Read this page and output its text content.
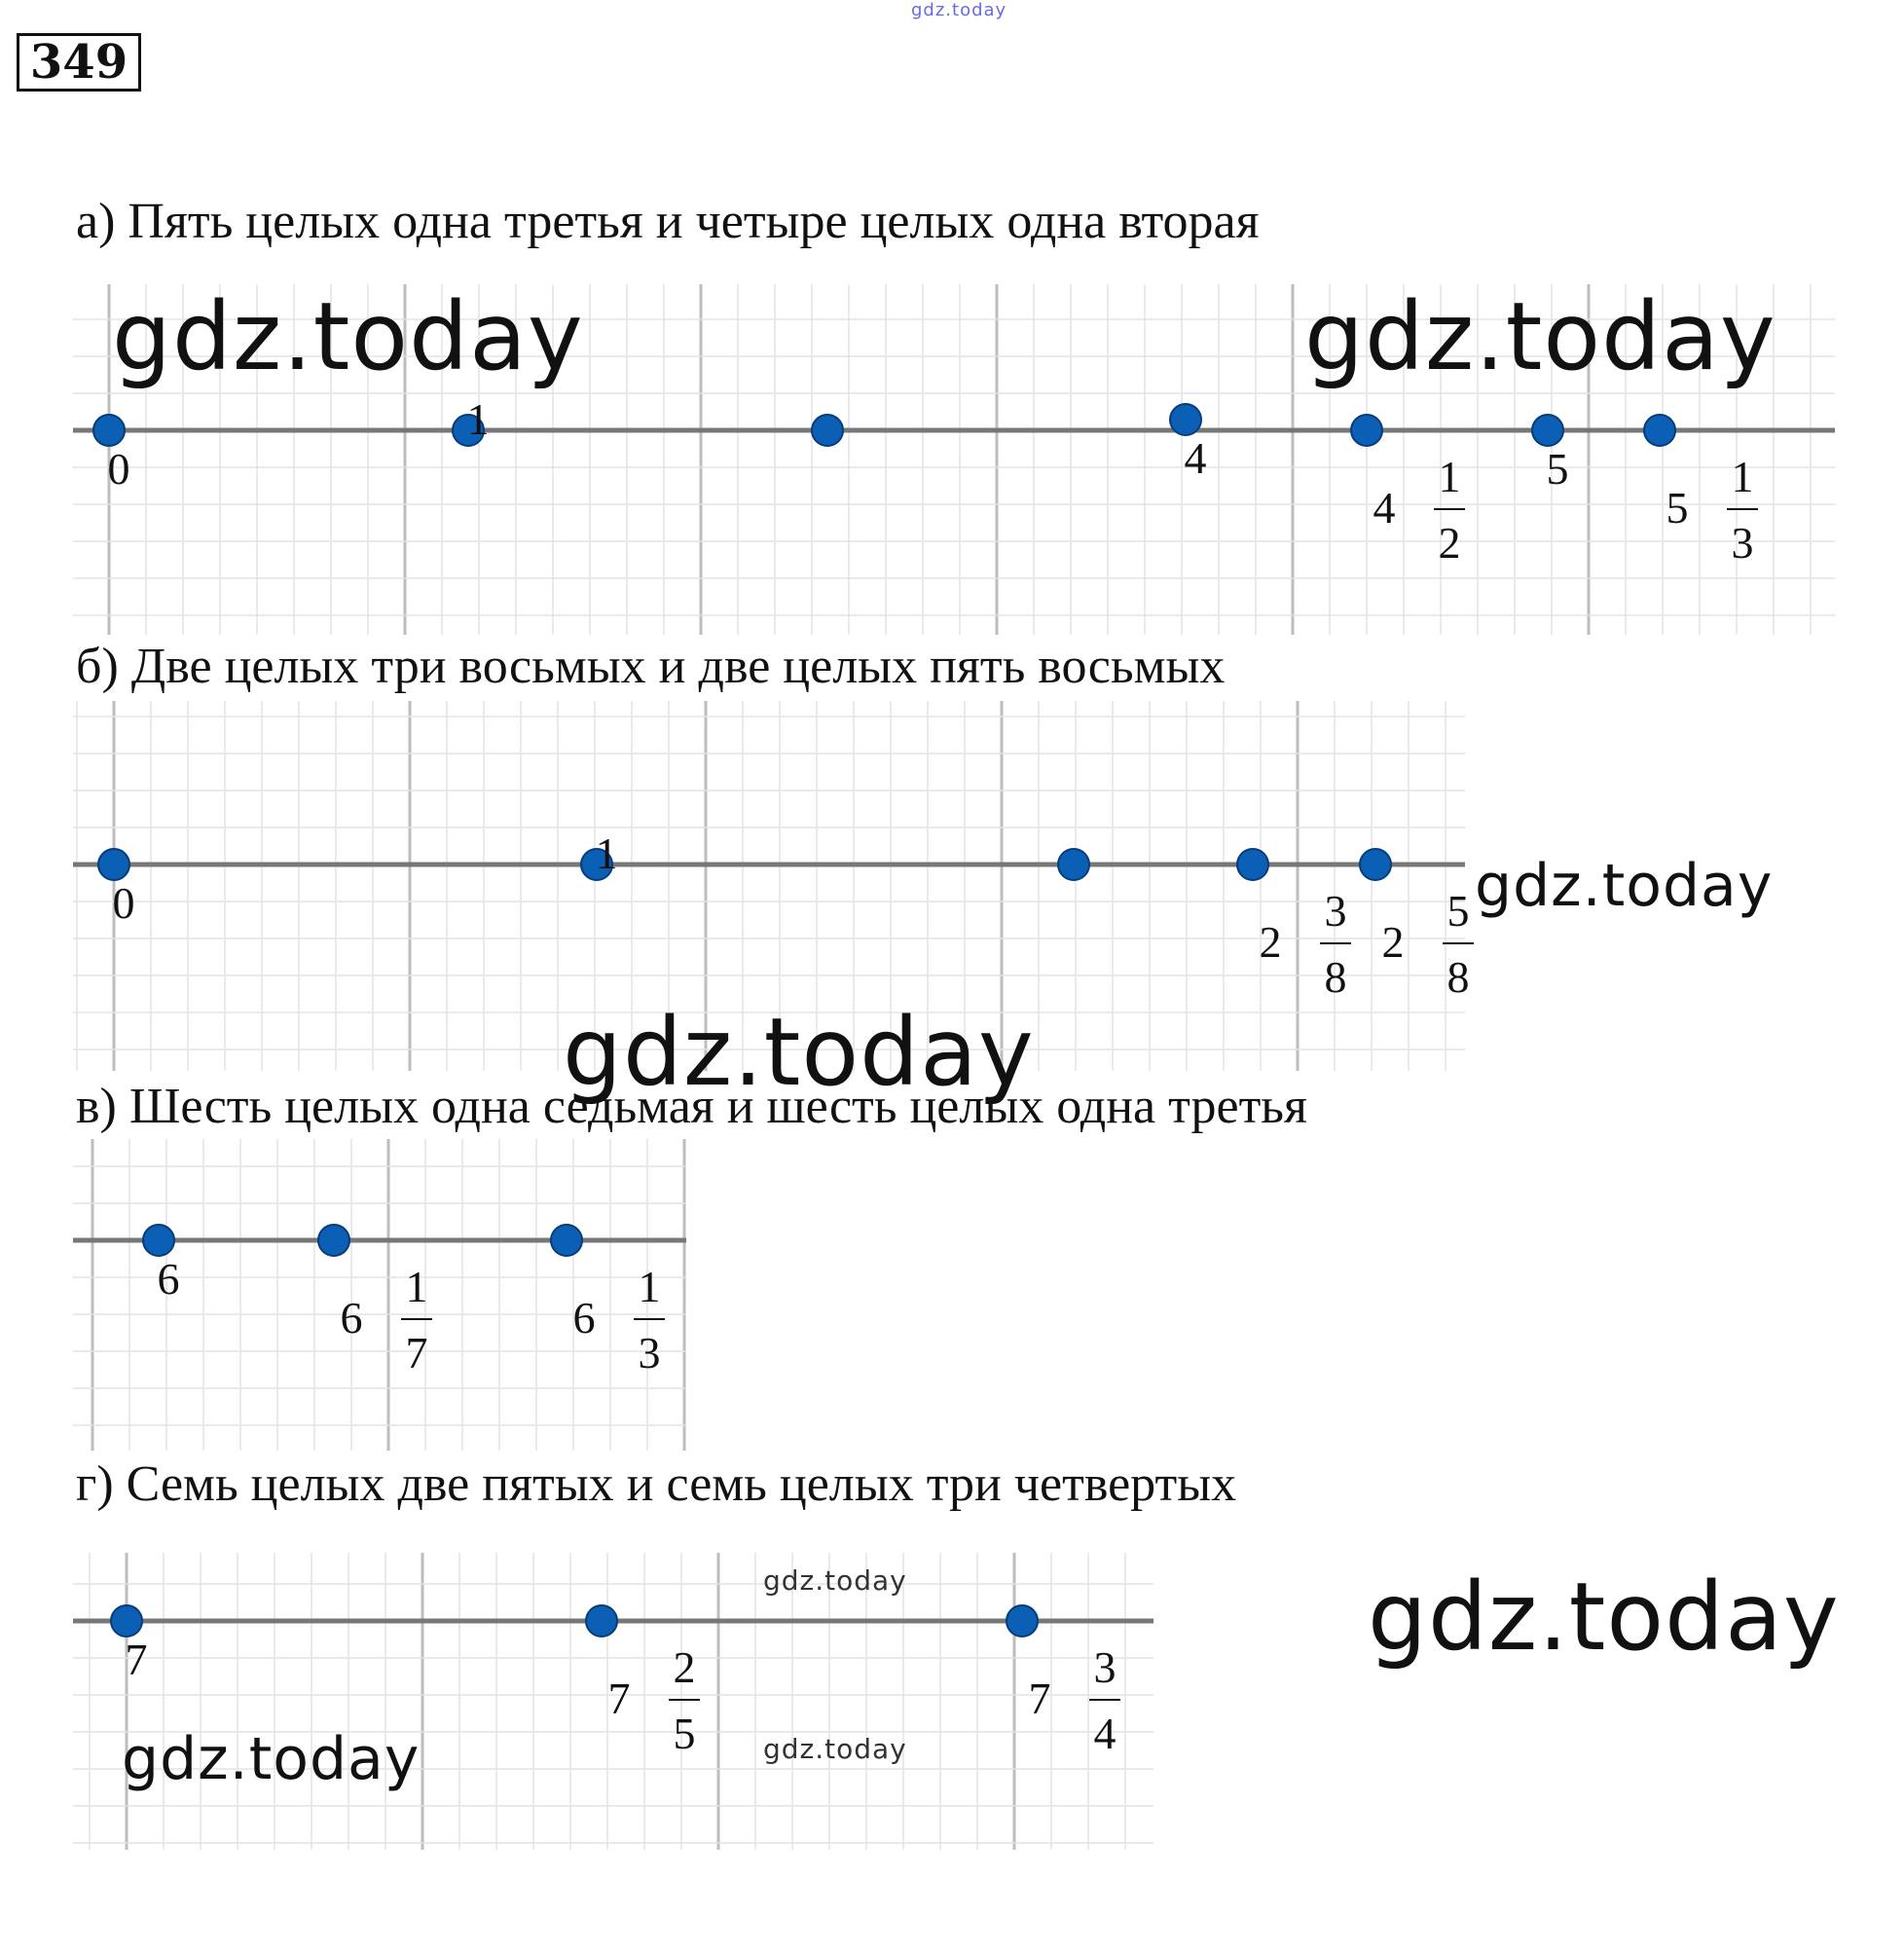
349
gdz.today
а) Пять целых одна третья и четыре целых одна вторая
0
1
4
4
1
2
5
5
1
3
gdz.today	gdz.today
б) Две целых три восьмых и две целых пять восьмых
0
1
2
3
8
2
5
8
gdz.today
gdz.today
в) Шесть целых одна седьмая и шесть целых одна третья
6
6
1
7
6
1
3
г) Семь целых две пятых и семь целых три четвертых
7
7
2
5
7
3
4
gdz.today
gdz.today
gdz.today
gdz.today
